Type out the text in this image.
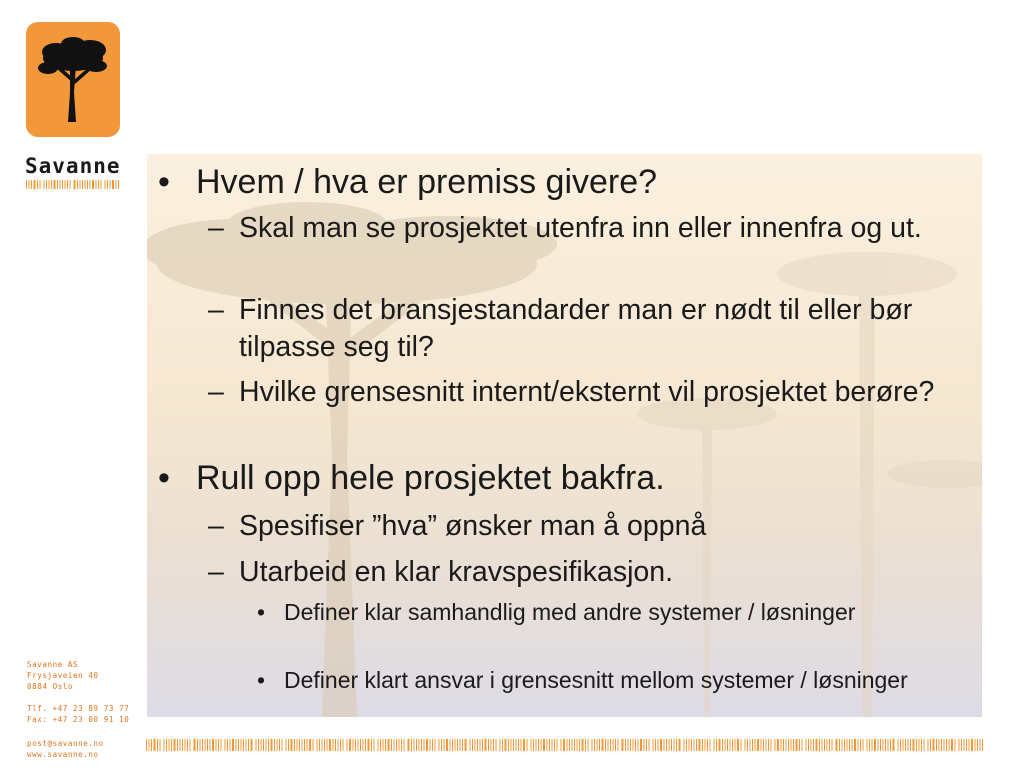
Savanne
Savanne AS
Frysjaveien 40
0884 Oslo
Tlf. +47 23 89 73 77
Fax: +47 23 00 91 10
post@savanne.no
www.savanne.no
• Hvem / hva er premiss givere?
– Skal man se prosjektet utenfra inn eller innenfra og ut.
– Finnes det bransjestandarder man er nødt til eller bør tilpasse seg til?
– Hvilke grensesnitt internt/eksternt vil prosjektet berøre?
• Rull opp hele prosjektet bakfra.
– Spesifiser ”hva” ønsker man å oppnå
– Utarbeid en klar kravspesifikasjon.
• Definer klar samhandlig med andre systemer / løsninger
• Definer klart ansvar i grensesnitt mellom systemer / løsninger
